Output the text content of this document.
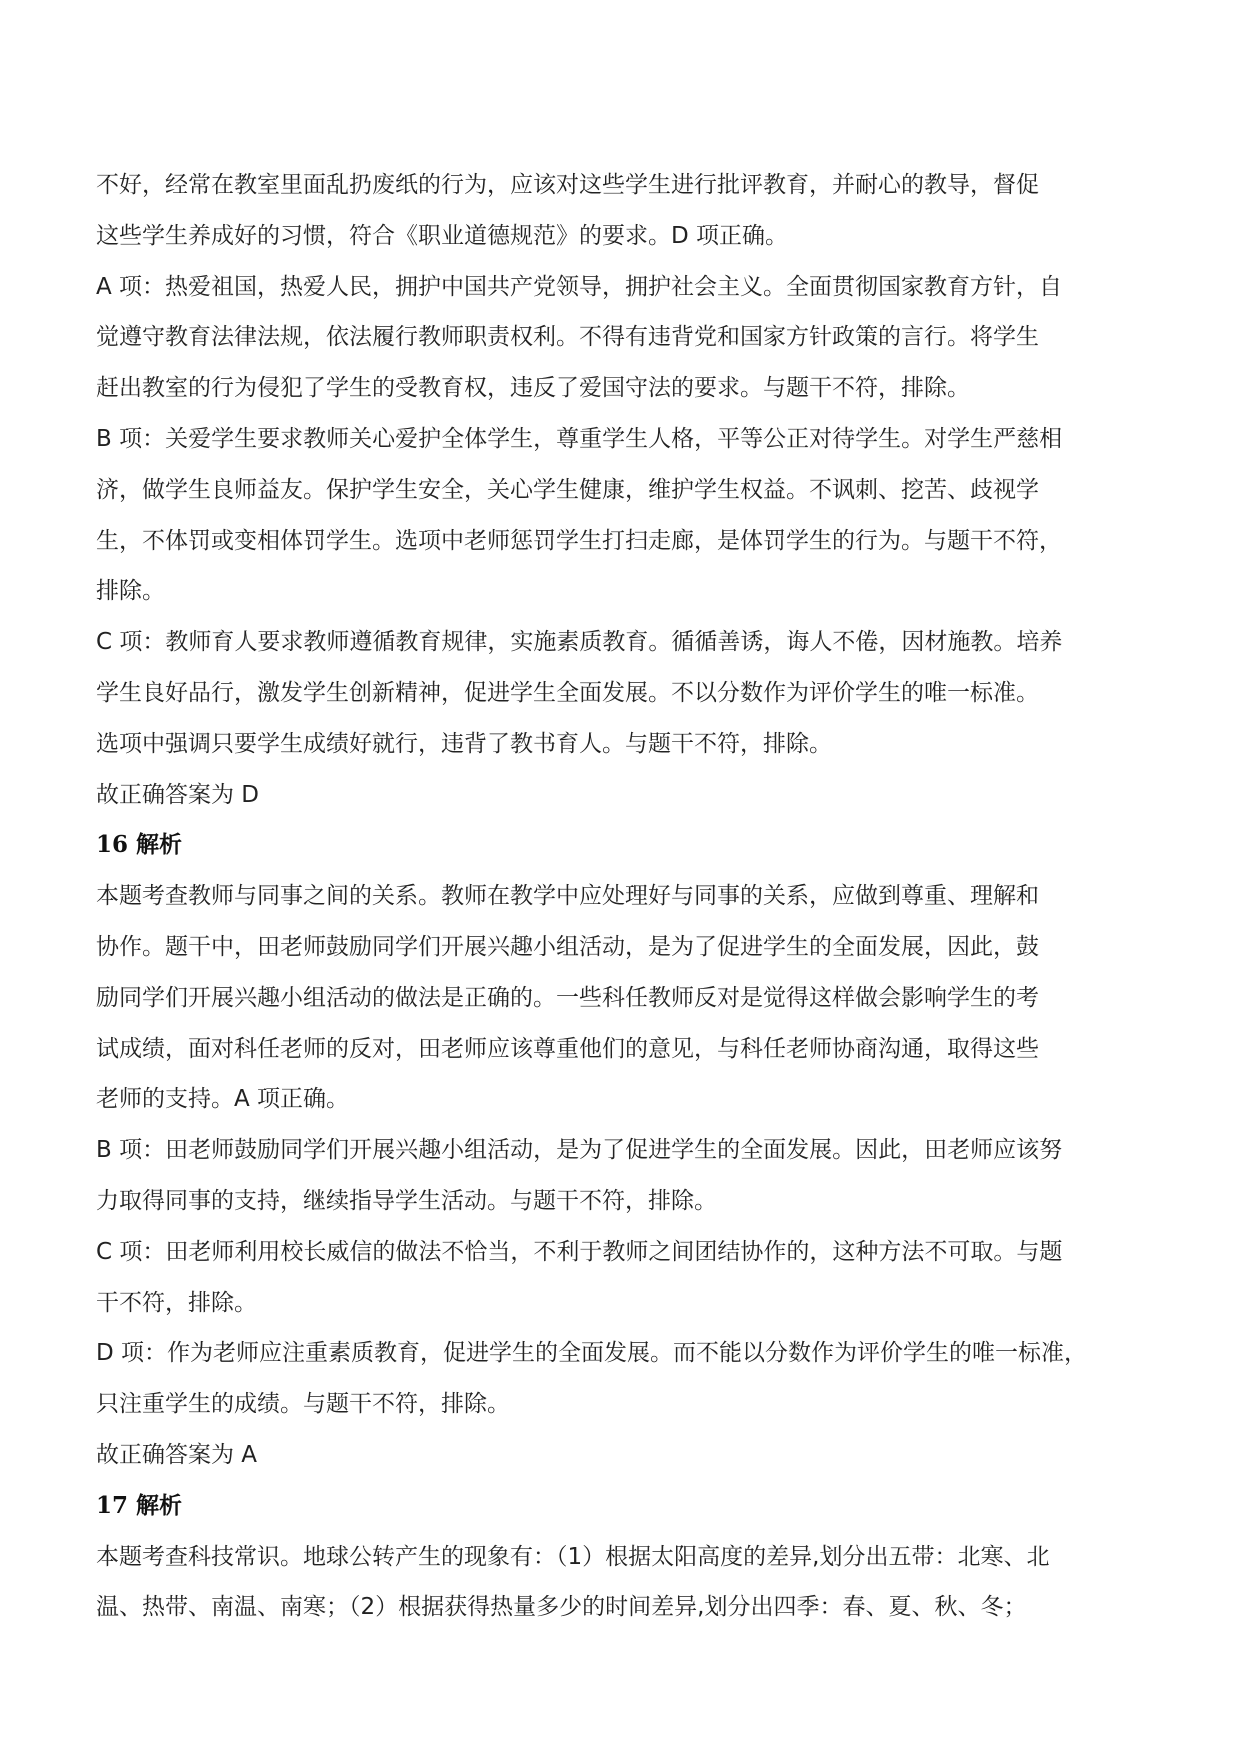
不好，经常在教室里面乱扔废纸的行为，应该对这些学生进行批评教育，并耐心的教导，督促
这些学生养成好的习惯，符合《职业道德规范》的要求。D 项正确。
A 项：热爱祖国，热爱人民，拥护中国共产党领导，拥护社会主义。全面贯彻国家教育方针，自
觉遵守教育法律法规，依法履行教师职责权利。不得有违背党和国家方针政策的言行。将学生
赶出教室的行为侵犯了学生的受教育权，违反了爱国守法的要求。与题干不符，排除。
B 项：关爱学生要求教师关心爱护全体学生，尊重学生人格，平等公正对待学生。对学生严慈相
济，做学生良师益友。保护学生安全，关心学生健康，维护学生权益。不讽刺、挖苦、歧视学
生，不体罚或变相体罚学生。选项中老师惩罚学生打扫走廊，是体罚学生的行为。与题干不符，
排除。
C 项：教师育人要求教师遵循教育规律，实施素质教育。循循善诱，诲人不倦，因材施教。培养
学生良好品行，激发学生创新精神，促进学生全面发展。不以分数作为评价学生的唯一标准。
选项中强调只要学生成绩好就行，违背了教书育人。与题干不符，排除。
故正确答案为 D
16 解析
本题考查教师与同事之间的关系。教师在教学中应处理好与同事的关系，应做到尊重、理解和
协作。题干中，田老师鼓励同学们开展兴趣小组活动，是为了促进学生的全面发展，因此，鼓
励同学们开展兴趣小组活动的做法是正确的。一些科任教师反对是觉得这样做会影响学生的考
试成绩，面对科任老师的反对，田老师应该尊重他们的意见，与科任老师协商沟通，取得这些
老师的支持。A 项正确。
B 项：田老师鼓励同学们开展兴趣小组活动，是为了促进学生的全面发展。因此，田老师应该努
力取得同事的支持，继续指导学生活动。与题干不符，排除。
C 项：田老师利用校长威信的做法不恰当，不利于教师之间团结协作的，这种方法不可取。与题
干不符，排除。
D 项：作为老师应注重素质教育，促进学生的全面发展。而不能以分数作为评价学生的唯一标准，
只注重学生的成绩。与题干不符，排除。
故正确答案为 A
17 解析
本题考查科技常识。地球公转产生的现象有：（1）根据太阳高度的差异,划分出五带：北寒、北
温、热带、南温、南寒；（2）根据获得热量多少的时间差异,划分出四季：春、夏、秋、冬；
